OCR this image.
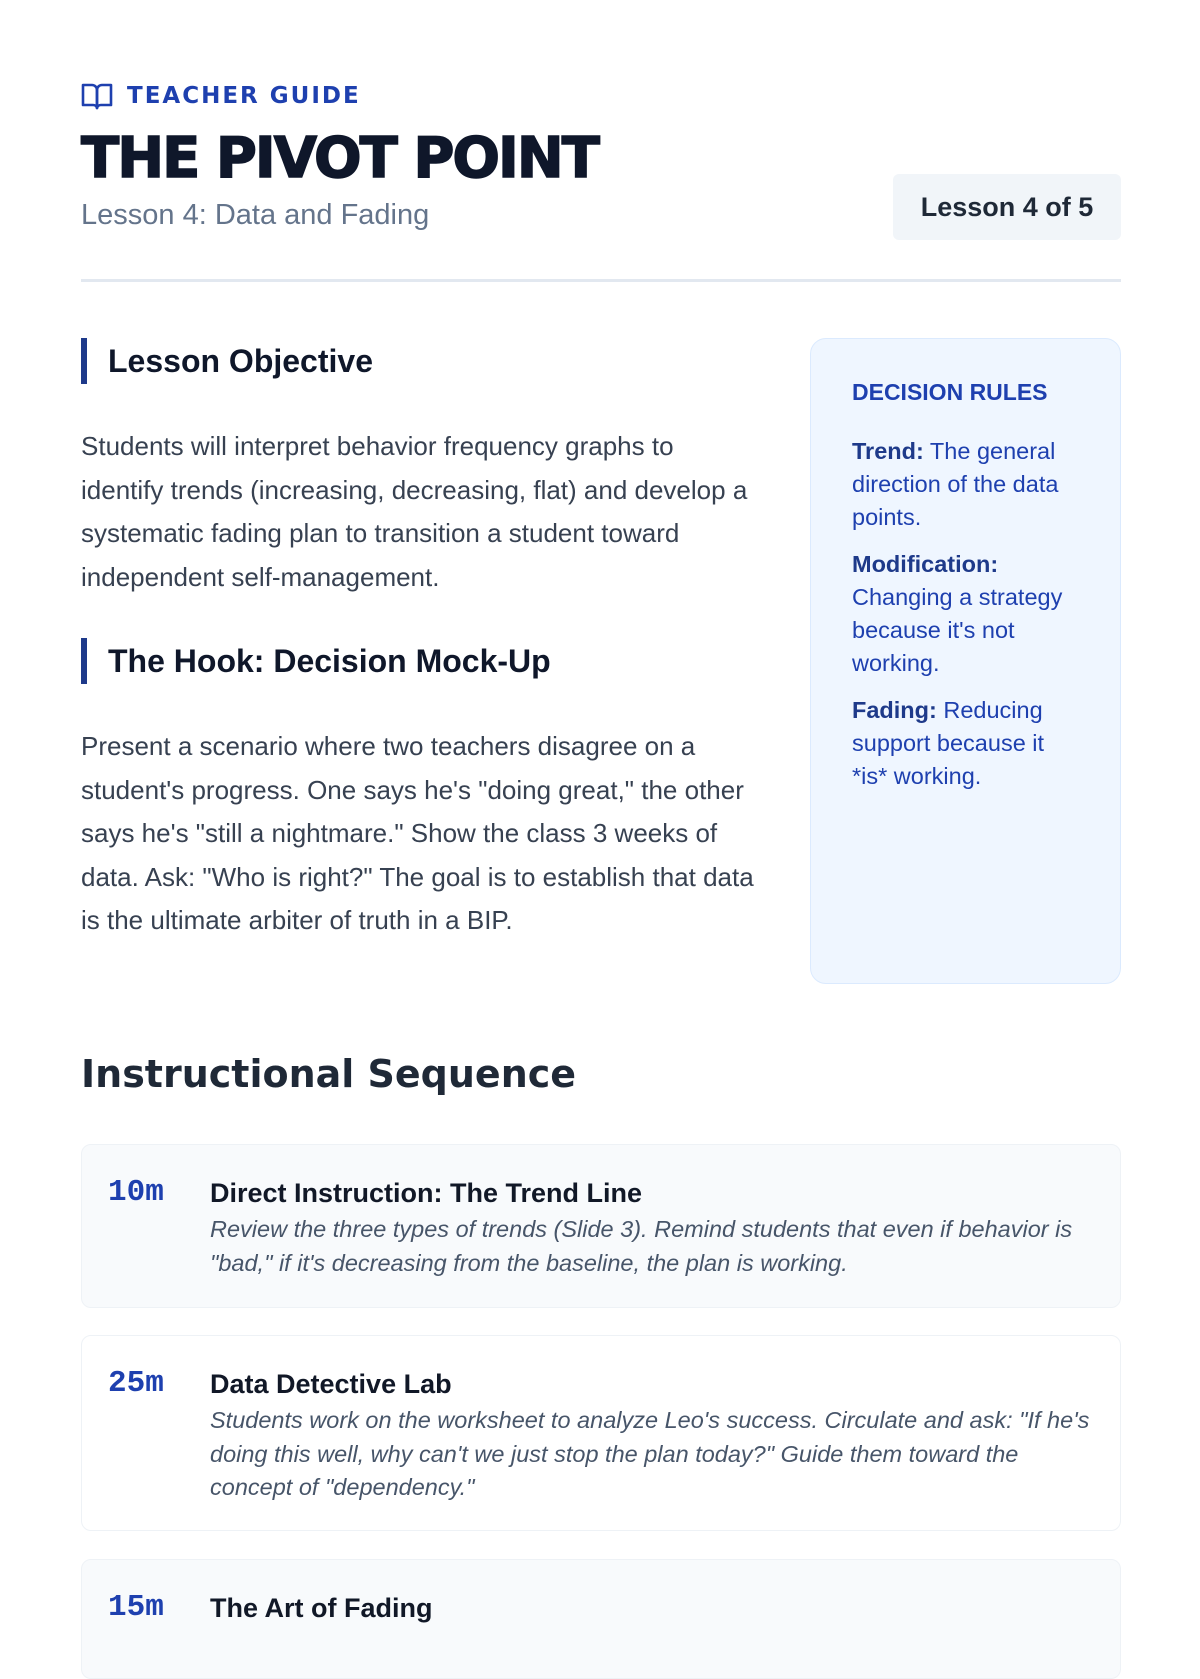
TEACHER GUIDE
THE PIVOT POINT
Lesson 4: Data and Fading	Lesson 4 of 5
Lesson Objective

Students will interpret behavior frequency graphs to identify trends (increasing, decreasing, flat) and develop a systematic fading plan to transition a student toward independent self-management.

The Hook: Decision Mock-Up

Present a scenario where two teachers disagree on a student's progress. One says he's "doing great," the other says he's "still a nightmare." Show the class 3 weeks of data. Ask: "Who is right?" The goal is to establish that data is the ultimate arbiter of truth in a BIP.

DECISION RULES
Trend: The general direction of the data points.
Modification: Changing a strategy because it's not working.
Fading: Reducing support because it *is* working.
Instructional Sequence
10m	Direct Instruction: The Trend Line
Review the three types of trends (Slide 3). Remind students that even if behavior is "bad," if it's decreasing from the baseline, the plan is working.
25m	Data Detective Lab
Students work on the worksheet to analyze Leo's success. Circulate and ask: "If he's doing this well, why can't we just stop the plan today?" Guide them toward the concept of "dependency."
15m	The Art of Fading
